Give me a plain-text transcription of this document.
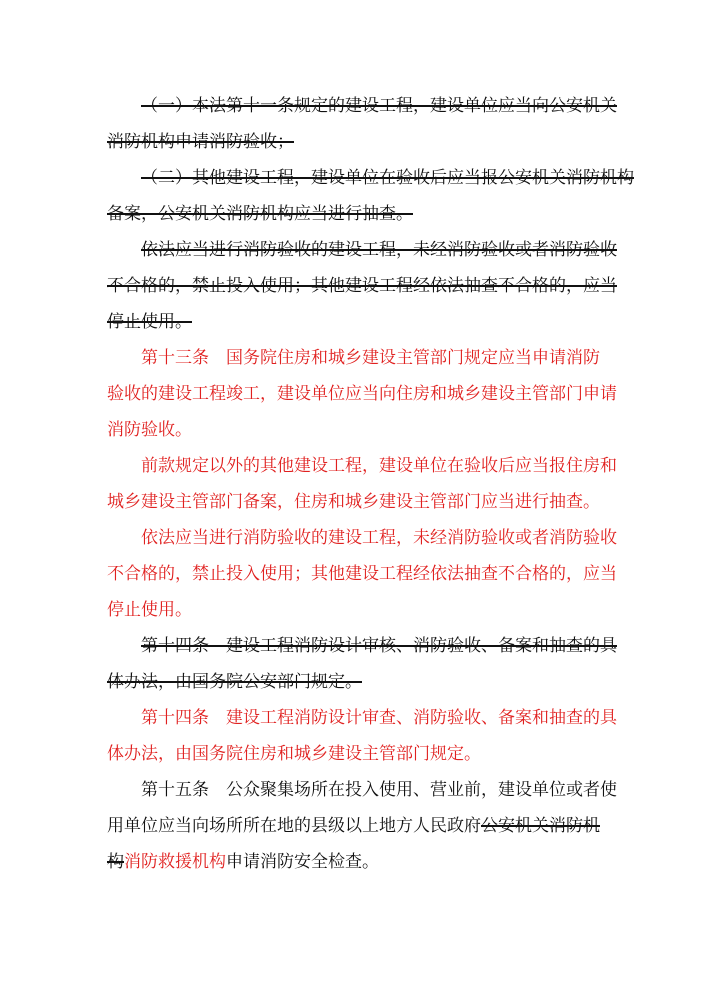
（一）本法第十一条规定的建设工程，建设单位应当向公安机关
消防机构申请消防验收；
（二）其他建设工程，建设单位在验收后应当报公安机关消防机构
备案，公安机关消防机构应当进行抽查。
依法应当进行消防验收的建设工程，未经消防验收或者消防验收
不合格的，禁止投入使用；其他建设工程经依法抽查不合格的，应当
停止使用。
第十三条　国务院住房和城乡建设主管部门规定应当申请消防
验收的建设工程竣工，建设单位应当向住房和城乡建设主管部门申请
消防验收。
前款规定以外的其他建设工程，建设单位在验收后应当报住房和
城乡建设主管部门备案，住房和城乡建设主管部门应当进行抽查。
依法应当进行消防验收的建设工程，未经消防验收或者消防验收
不合格的，禁止投入使用；其他建设工程经依法抽查不合格的，应当
停止使用。
第十四条　建设工程消防设计审核、消防验收、备案和抽查的具
体办法，由国务院公安部门规定。
第十四条　建设工程消防设计审查、消防验收、备案和抽查的具
体办法，由国务院住房和城乡建设主管部门规定。
第十五条　公众聚集场所在投入使用、营业前，建设单位或者使
用单位应当向场所所在地的县级以上地方人民政府公安机关消防机
构消防救援机构申请消防安全检查。
